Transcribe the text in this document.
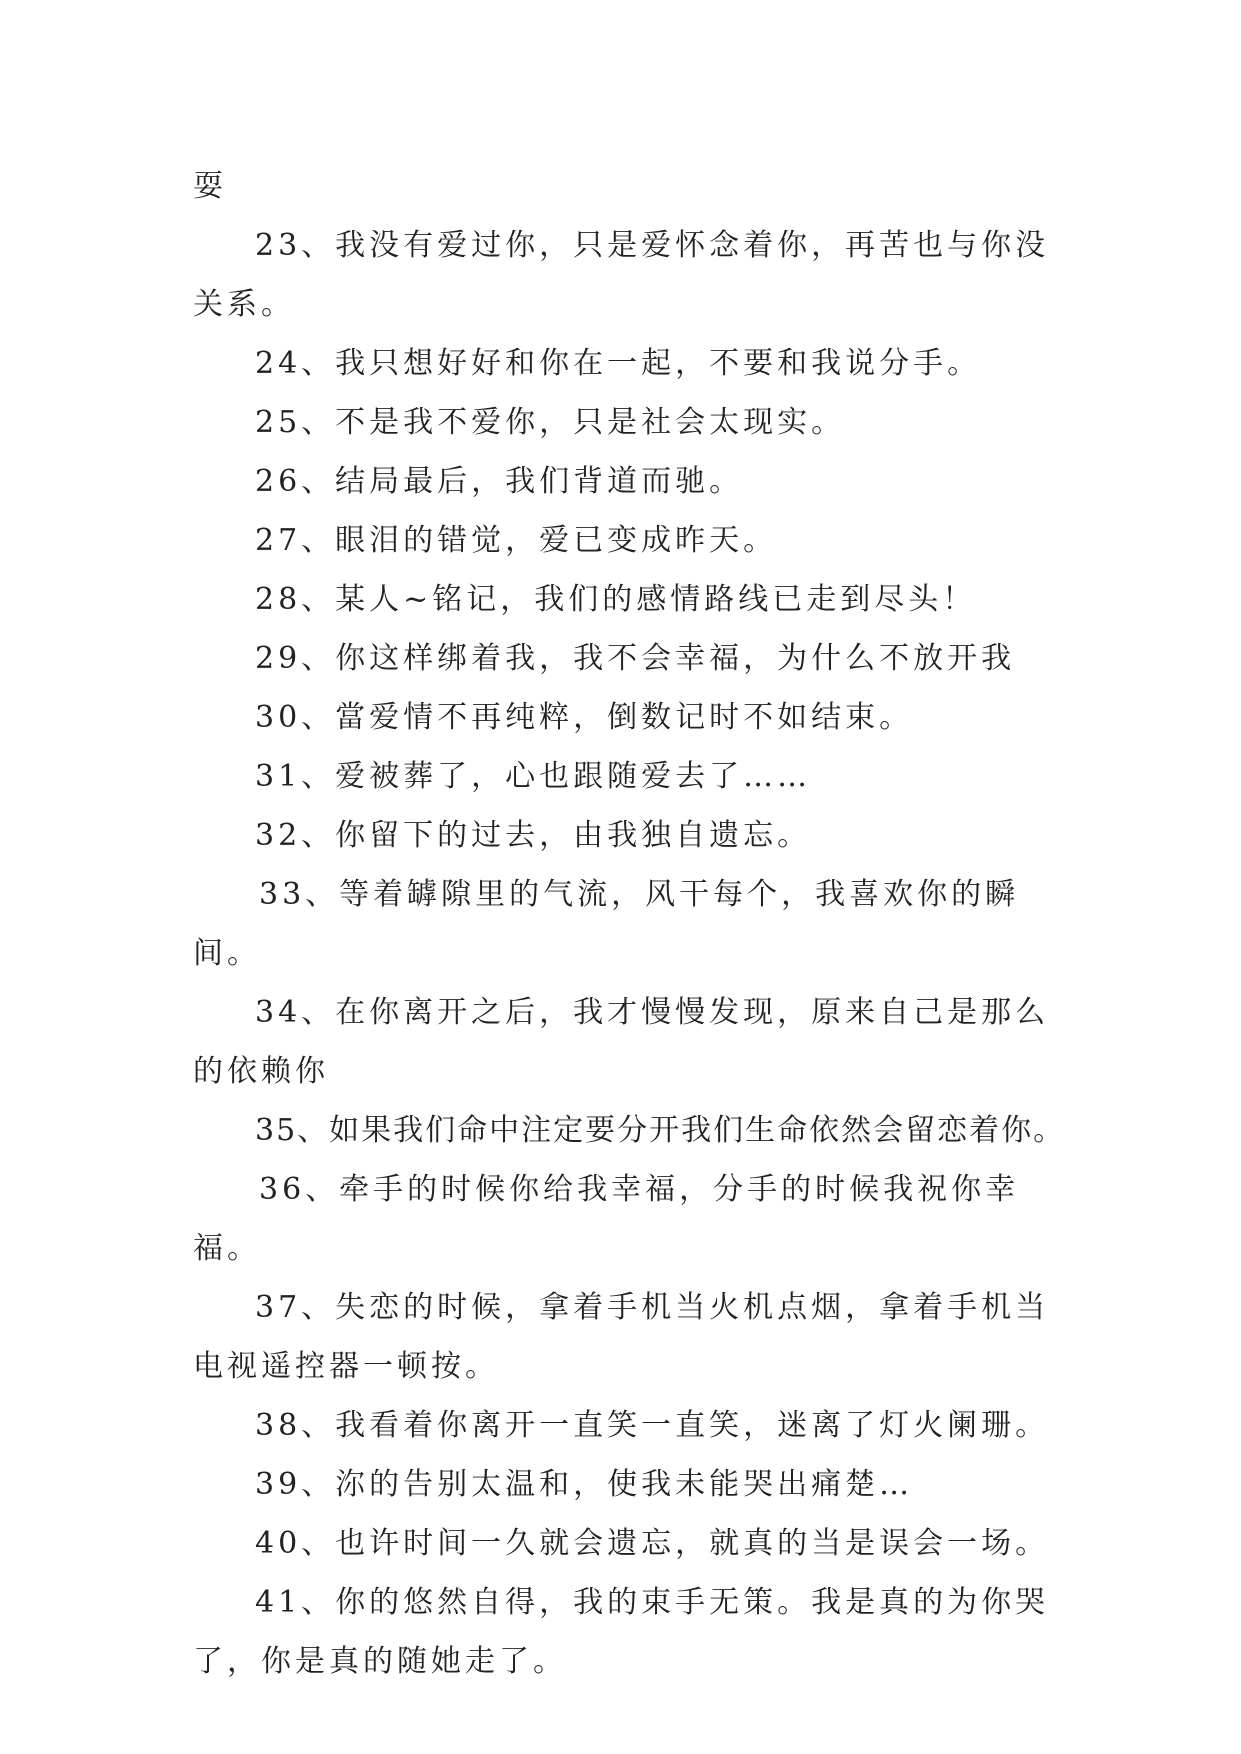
耍

23、我没有爱过你，只是爱怀念着你，再苦也与你没关系。

24、我只想好好和你在一起，不要和我说分手。

25、不是我不爱你，只是社会太现实。

26、结局最后，我们背道而驰。

27、眼泪的错觉，爱已变成昨天。

28、某人~铭记，我们的感情路线已走到尽头！

29、你这样绑着我，我不会幸福，为什么不放开我

30、當爱情不再纯粹，倒数记时不如结束。

31、爱被葬了，心也跟随爱去了……

32、你留下的过去，由我独自遗忘。

33、等着罅隙里的气流，风干每个，我喜欢你的瞬间。

34、在你离开之后，我才慢慢发现，原来自己是那么的依赖你

35、如果我们命中注定要分开我们生命依然会留恋着你。

36、牵手的时候你给我幸福，分手的时候我祝你幸福。

37、失恋的时候，拿着手机当火机点烟，拿着手机当电视遥控器一顿按。

38、我看着你离开一直笑一直笑，迷离了灯火阑珊。

39、沵的告别太温和，使我未能哭出痛楚…

40、也许时间一久就会遗忘，就真的当是误会一场。

41、你的悠然自得，我的束手无策。我是真的为你哭了，你是真的随她走了。
